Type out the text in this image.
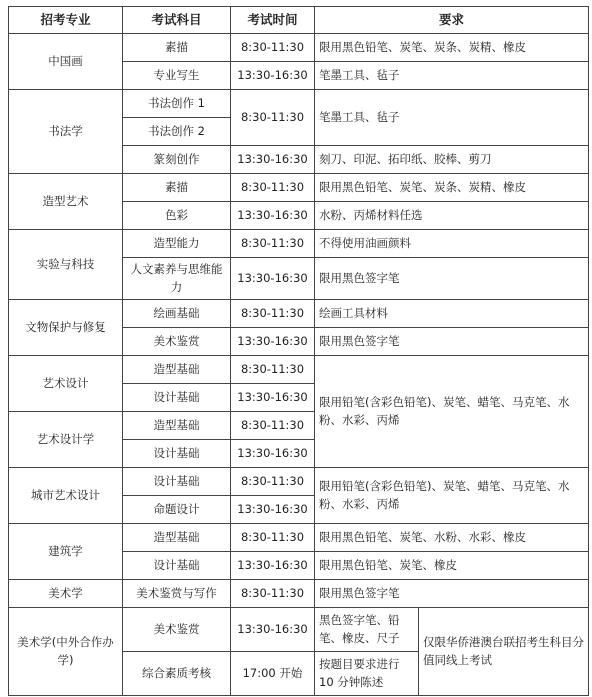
招考专业	考试科目	考试时间	要求	
中国画	素描	8:30-11:30	限用黑色铅笔、炭笔、炭条、炭精、橡皮	
	专业写生	13:30-16:30	笔墨工具、毡子	
书法学	书法创作 1	8:30-11:30	笔墨工具、毡子	
	书法创作 2			
	篆刻创作	13:30-16:30	刻刀、印泥、拓印纸、胶棒、剪刀	
造型艺术	素描	8:30-11:30	限用黑色铅笔、炭笔、炭条、炭精、橡皮	
	色彩	13:30-16:30	水粉、丙烯材料任选	
实验与科技	造型能力	8:30-11:30	不得使用油画颜料	
	人文素养与思维能力	13:30-16:30	限用黑色签字笔	
文物保护与修复	绘画基础	8:30-11:30	绘画工具材料	
	美术鉴赏	13:30-16:30	限用黑色签字笔	
艺术设计	造型基础	8:30-11:30	限用铅笔(含彩色铅笔)、炭笔、蜡笔、马克笔、水粉、水彩、丙烯	
	设计基础	13:30-16:30		
艺术设计学	造型基础	8:30-11:30		
	设计基础	13:30-16:30		
城市艺术设计	设计基础	8:30-11:30	限用铅笔(含彩色铅笔)、炭笔、蜡笔、马克笔、水粉、水彩、丙烯	
	命题设计	13:30-16:30		
建筑学	造型基础	8:30-11:30	限用黑色铅笔、炭笔、水粉、水彩、橡皮	
	设计基础	13:30-16:30	限用黑色铅笔、炭笔、橡皮	
美术学	美术鉴赏与写作	8:30-11:30	限用黑色签字笔	
美术学(中外合作办学)	美术鉴赏	13:30-16:30	黑色签字笔、铅笔、橡皮、尺子	仅限华侨港澳台联招考生科目分值同线上考试
	综合素质考核	17:00 开始	按题目要求进行10 分钟陈述	
